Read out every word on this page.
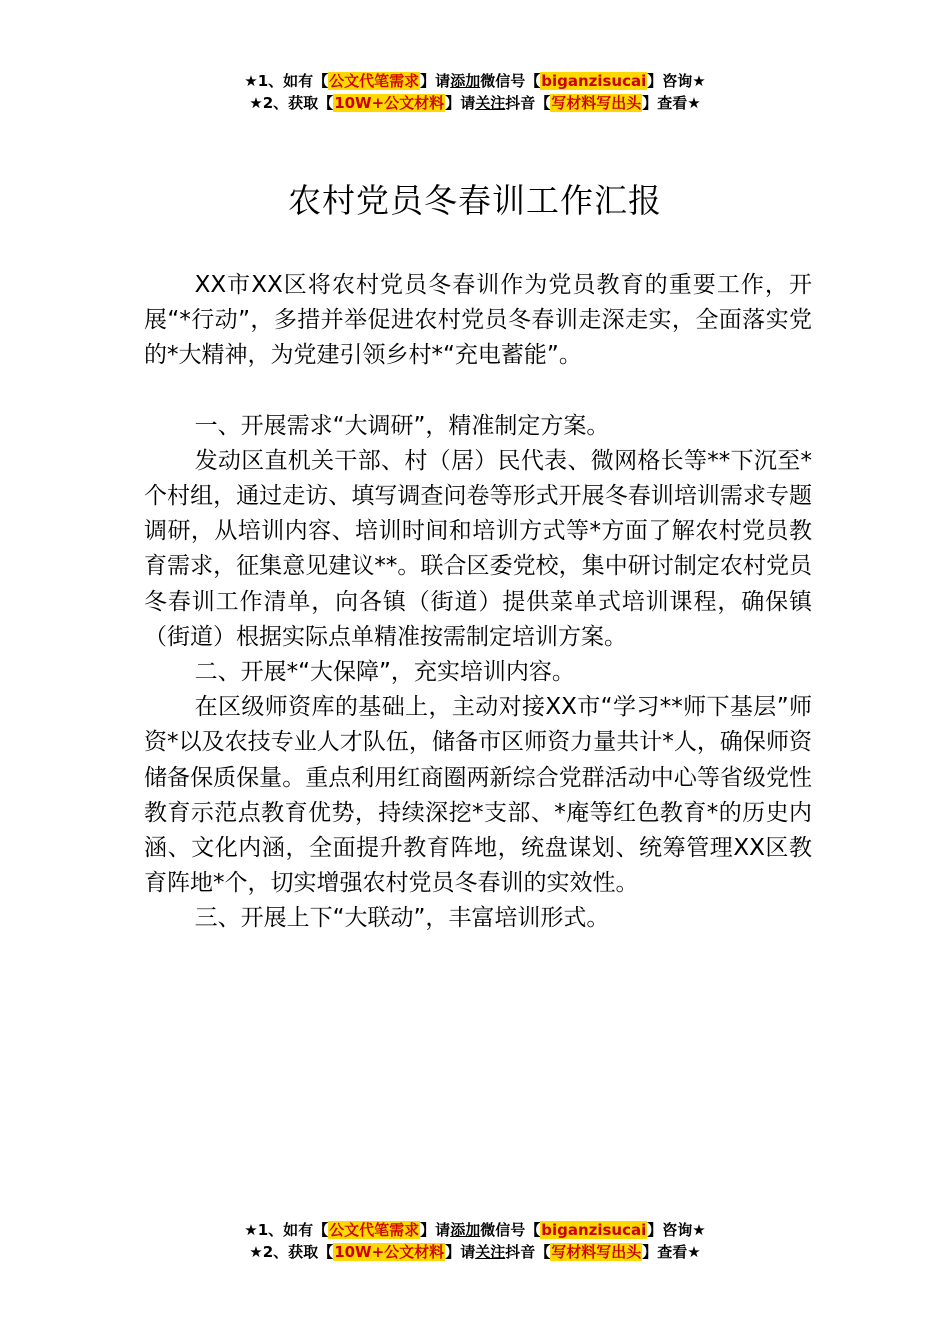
★1、如有【公文代笔需求】请添加微信号【biganzisucai】咨询★
★2、获取【10W+公文材料】请关注抖音【写材料写出头】查看★
农村党员冬春训工作汇报

XX市XX区将农村党员冬春训作为党员教育的重要工作，开展“*行动”，多措并举促进农村党员冬春训走深走实，全面落实党的*大精神，为党建引领乡村*“充电蓄能”。

一、开展需求“大调研”，精准制定方案。

发动区直机关干部、村（居）民代表、微网格长等**下沉至*个村组，通过走访、填写调查问卷等形式开展冬春训培训需求专题调研，从培训内容、培训时间和培训方式等*方面了解农村党员教育需求，征集意见建议**。联合区委党校，集中研讨制定农村党员冬春训工作清单，向各镇（街道）提供菜单式培训课程，确保镇（街道）根据实际点单精准按需制定培训方案。

二、开展*“大保障”，充实培训内容。

在区级师资库的基础上，主动对接XX市“学习**师下基层”师资*以及农技专业人才队伍，储备市区师资力量共计*人，确保师资储备保质保量。重点利用红商圈两新综合党群活动中心等省级党性教育示范点教育优势，持续深挖*支部、*庵等红色教育*的历史内涵、文化内涵，全面提升教育阵地，统盘谋划、统筹管理XX区教育阵地*个，切实增强农村党员冬春训的实效性。

三、开展上下“大联动”，丰富培训形式。

★1、如有【公文代笔需求】请添加微信号【biganzisucai】咨询★
★2、获取【10W+公文材料】请关注抖音【写材料写出头】查看★
